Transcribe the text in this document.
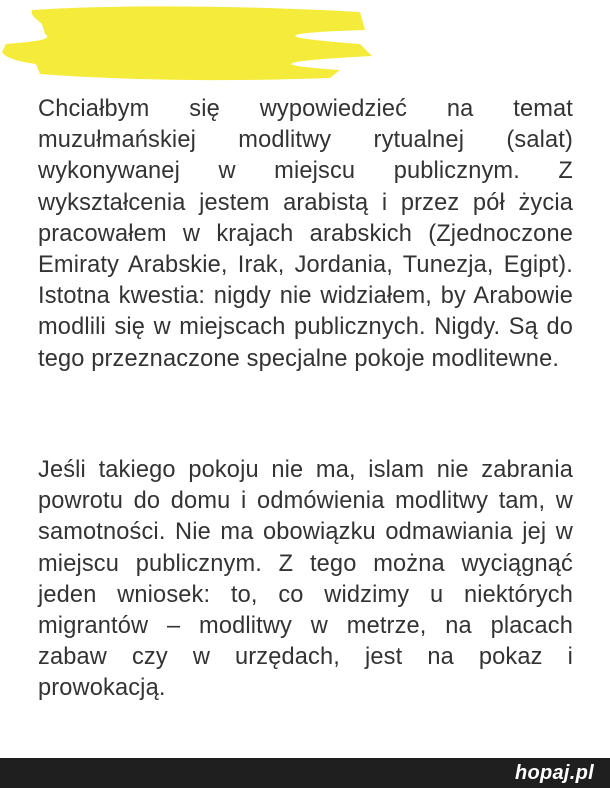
Chciałbym się wypowiedzieć na temat muzułmańskiej modlitwy rytualnej (salat) wykonywanej w miejscu publicznym. Z wykształcenia jestem arabistą i przez pół życia pracowałem w krajach arabskich (Zjednoczone Emiraty Arabskie, Irak, Jordania, Tunezja, Egipt). Istotna kwestia: nigdy nie widziałem, by Arabowie modlili się w miejscach publicznych. Nigdy. Są do tego przeznaczone specjalne pokoje modlitewne.

Jeśli takiego pokoju nie ma, islam nie zabrania powrotu do domu i odmówienia modlitwy tam, w samotności. Nie ma obowiązku odmawiania jej w miejscu publicznym. Z tego można wyciągnąć jeden wniosek: to, co widzimy u niektórych migrantów – modlitwy w metrze, na placach zabaw czy w urzędach, jest na pokaz i prowokacją.

hopaj.pl
